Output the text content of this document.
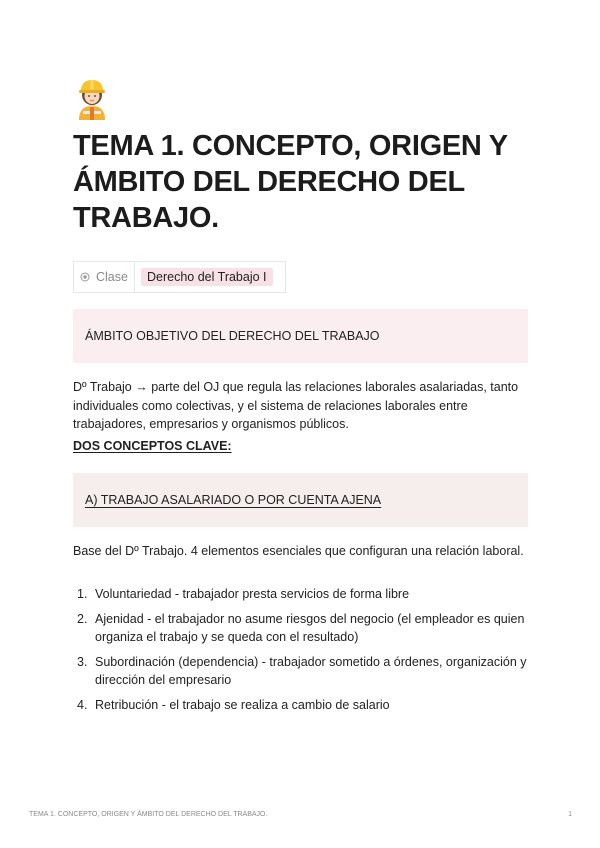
TEMA 1. CONCEPTO, ORIGEN Y ÁMBITO DEL DERECHO DEL TRABAJO.
Clase	Derecho del Trabajo I
ÁMBITO OBJETIVO DEL DERECHO DEL TRABAJO

Dº Trabajo → parte del OJ que regula las relaciones laborales asalariadas, tanto individuales como colectivas, y el sistema de relaciones laborales entre trabajadores, empresarios y organismos públicos.

DOS CONCEPTOS CLAVE:

A) TRABAJO ASALARIADO O POR CUENTA AJENA

Base del Dº Trabajo. 4 elementos esenciales que configuran una relación laboral.

1. Voluntariedad - trabajador presta servicios de forma libre
2. Ajenidad - el trabajador no asume riesgos del negocio (el empleador es quien organiza el trabajo y se queda con el resultado)
3. Subordinación (dependencia) - trabajador sometido a órdenes, organización y dirección del empresario
4. Retribución - el trabajo se realiza a cambio de salario
TEMA 1. CONCEPTO, ORIGEN Y ÁMBITO DEL DERECHO DEL TRABAJO.	1
